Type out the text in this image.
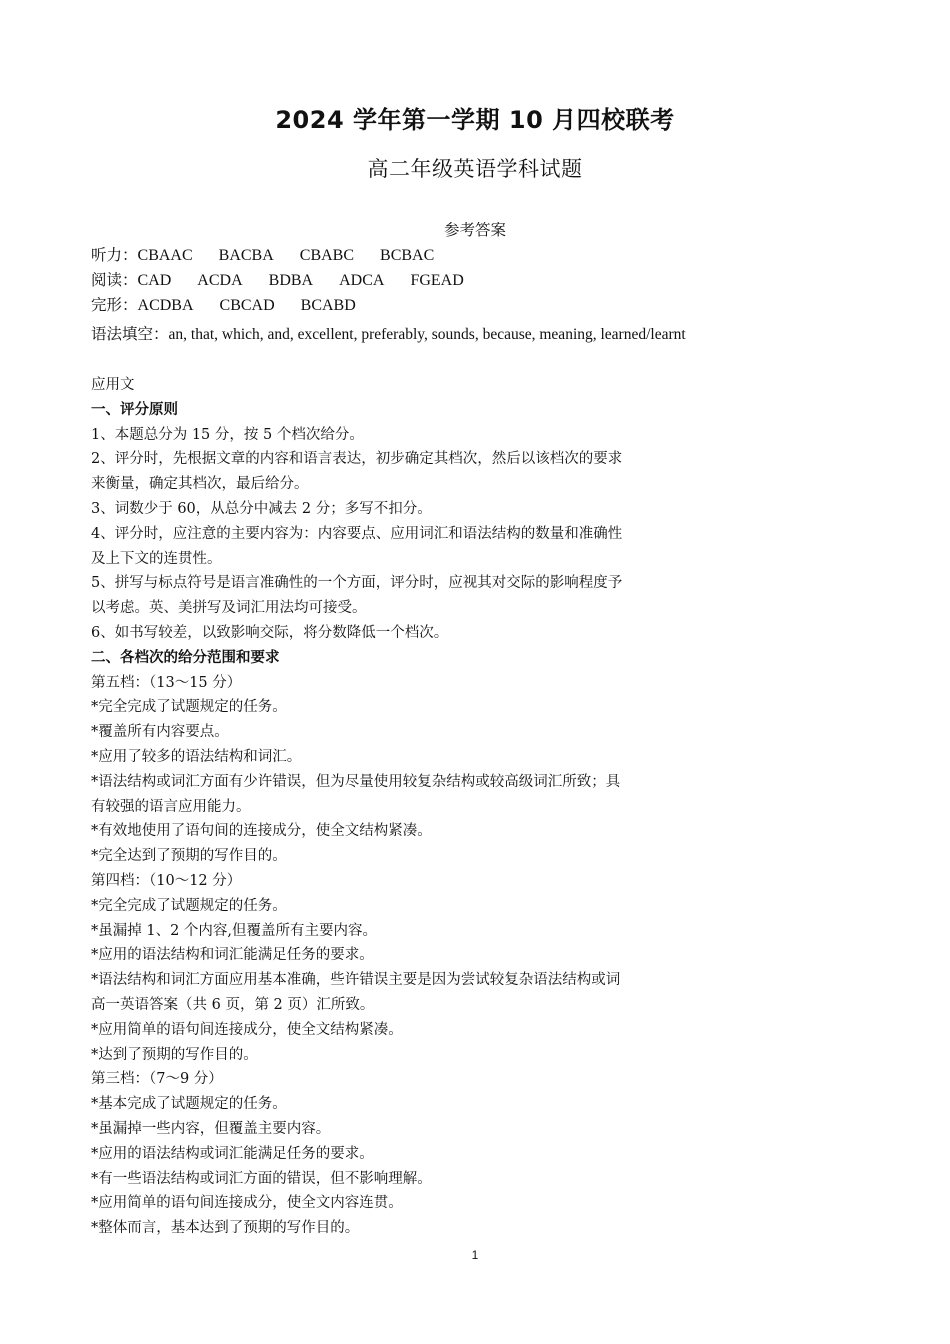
2024 学年第一学期 10 月四校联考
高二年级英语学科试题
参考答案
听力：CBAAC BACBA CBABC BCBAC
阅读：CAD ACDA BDBA ADCA FGEAD
完形：ACDBA CBCAD BCABD
语法填空：an, that, which, and, excellent, preferably, sounds, because, meaning, learned/learnt
应用文
一、评分原则
1、本题总分为 15 分，按 5 个档次给分。
2、评分时，先根据文章的内容和语言表达，初步确定其档次，然后以该档次的要求
来衡量，确定其档次，最后给分。
3、词数少于 60，从总分中减去 2 分；多写不扣分。
4、评分时，应注意的主要内容为：内容要点、应用词汇和语法结构的数量和准确性
及上下文的连贯性。
5、拼写与标点符号是语言准确性的一个方面，评分时，应视其对交际的影响程度予
以考虑。英、美拼写及词汇用法均可接受。
6、如书写较差，以致影响交际，将分数降低一个档次。
二、各档次的给分范围和要求
第五档：（13～15 分）
*完全完成了试题规定的任务。
*覆盖所有内容要点。
*应用了较多的语法结构和词汇。
*语法结构或词汇方面有少许错误，但为尽量使用较复杂结构或较高级词汇所致；具
有较强的语言应用能力。
*有效地使用了语句间的连接成分，使全文结构紧凑。
*完全达到了预期的写作目的。
第四档：（10～12 分）
*完全完成了试题规定的任务。
*虽漏掉 1、2 个内容,但覆盖所有主要内容。
*应用的语法结构和词汇能满足任务的要求。
*语法结构和词汇方面应用基本准确，些许错误主要是因为尝试较复杂语法结构或词
高一英语答案（共 6 页，第 2 页）汇所致。
*应用简单的语句间连接成分，使全文结构紧凑。
*达到了预期的写作目的。
第三档：（7～9 分）
*基本完成了试题规定的任务。
*虽漏掉一些内容，但覆盖主要内容。
*应用的语法结构或词汇能满足任务的要求。
*有一些语法结构或词汇方面的错误，但不影响理解。
*应用简单的语句间连接成分，使全文内容连贯。
*整体而言，基本达到了预期的写作目的。
1
